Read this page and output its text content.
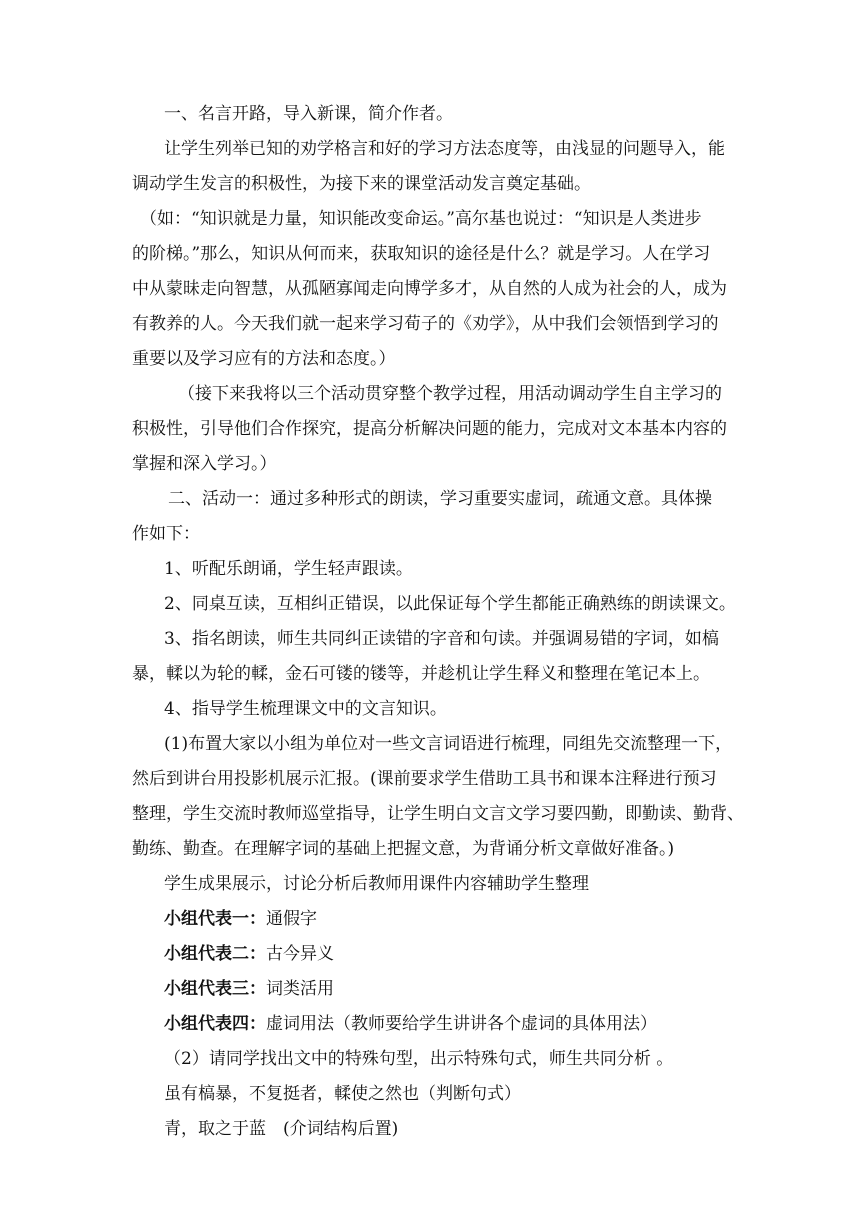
一、名言开路，导入新课，简介作者。
让学生列举已知的劝学格言和好的学习方法态度等，由浅显的问题导入，能
调动学生发言的积极性，为接下来的课堂活动发言奠定基础。
（如：“知识就是力量，知识能改变命运。”高尔基也说过：“知识是人类进步
的阶梯。”那么，知识从何而来，获取知识的途径是什么？就是学习。人在学习
中从蒙昧走向智慧，从孤陋寡闻走向博学多才，从自然的人成为社会的人，成为
有教养的人。今天我们就一起来学习荀子的《劝学》，从中我们会领悟到学习的
重要以及学习应有的方法和态度。）
（接下来我将以三个活动贯穿整个教学过程，用活动调动学生自主学习的
积极性，引导他们合作探究，提高分析解决问题的能力，完成对文本基本内容的
掌握和深入学习。）
二、活动一：通过多种形式的朗读，学习重要实虚词，疏通文意。具体操
作如下：
1、听配乐朗诵，学生轻声跟读。
2、同桌互读，互相纠正错误，以此保证每个学生都能正确熟练的朗读课文。
3、指名朗读，师生共同纠正读错的字音和句读。并强调易错的字词，如槁
暴，輮以为轮的輮，金石可镂的镂等，并趁机让学生释义和整理在笔记本上。
4、指导学生梳理课文中的文言知识。
(1)布置大家以小组为单位对一些文言词语进行梳理，同组先交流整理一下，
然后到讲台用投影机展示汇报。(课前要求学生借助工具书和课本注释进行预习
整理，学生交流时教师巡堂指导，让学生明白文言文学习要四勤，即勤读、勤背、
勤练、勤查。在理解字词的基础上把握文意，为背诵分析文章做好准备。)
学生成果展示，讨论分析后教师用课件内容辅助学生整理
小组代表一：通假字
小组代表二：古今异义
小组代表三：词类活用
小组代表四：虚词用法（教师要给学生讲讲各个虚词的具体用法）
（2）请同学找出文中的特殊句型，出示特殊句式，师生共同分析 。
虽有槁暴，不复挺者，輮使之然也（判断句式）
青，取之于蓝　(介词结构后置)
